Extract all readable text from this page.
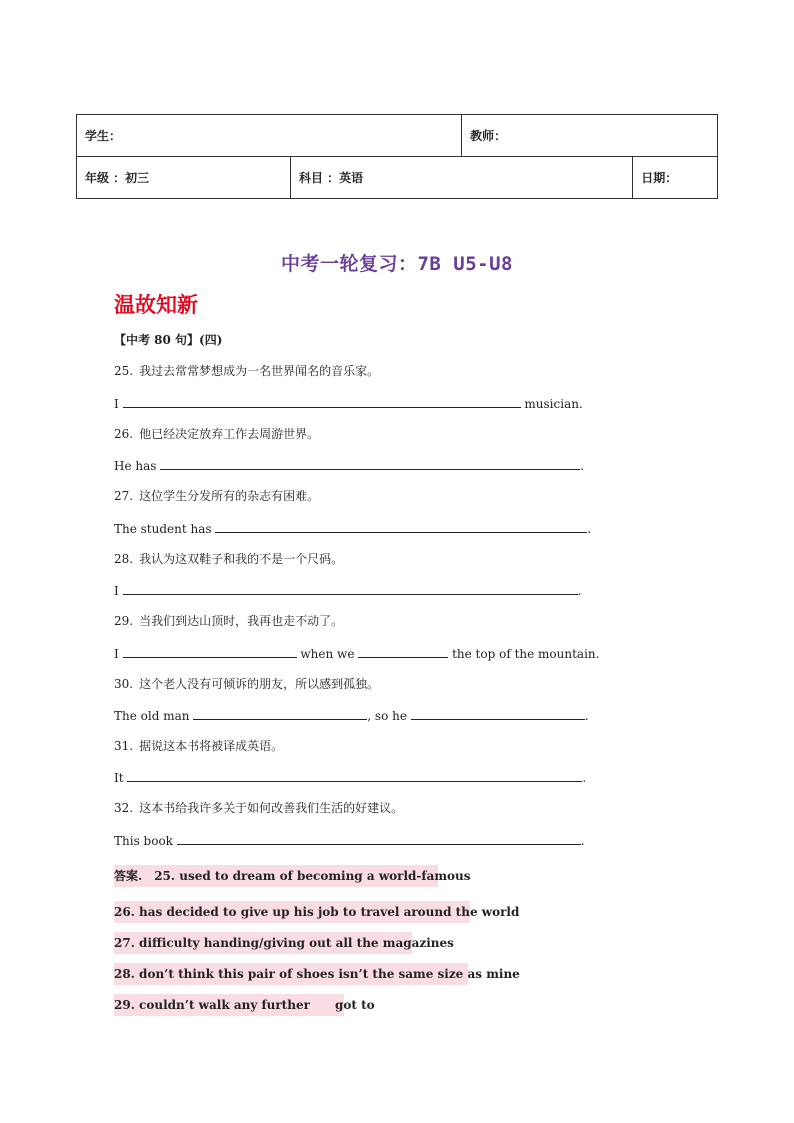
学生：		教师：	
年级 ：初三	科目 ：英语		日期：
中考一轮复习：7B U5-U8
温故知新
【中考 80 句】(四)
25. 我过去常常梦想成为一名世界闻名的音乐家。
I	musician.
26. 他已经决定放弃工作去周游世界。
He has	.
27. 这位学生分发所有的杂志有困难。
The student has	.
28. 我认为这双鞋子和我的不是一个尺码。
I	.
29. 当我们到达山顶时，我再也走不动了。
I	when we	the top of the mountain.
30. 这个老人没有可倾诉的朋友，所以感到孤独。
The old man	, so he	.
31. 据说这本书将被译成英语。
It	.
32. 这本书给我许多关于如何改善我们生活的好建议。
This book	.
答案. 25. used to dream of becoming a world-famous
26. has decided to give up his job to travel around the world
27. difficulty handing/giving out all the magazines
28. don’t think this pair of shoes isn’t the same size as mine
29. couldn’t walk any further      got to
